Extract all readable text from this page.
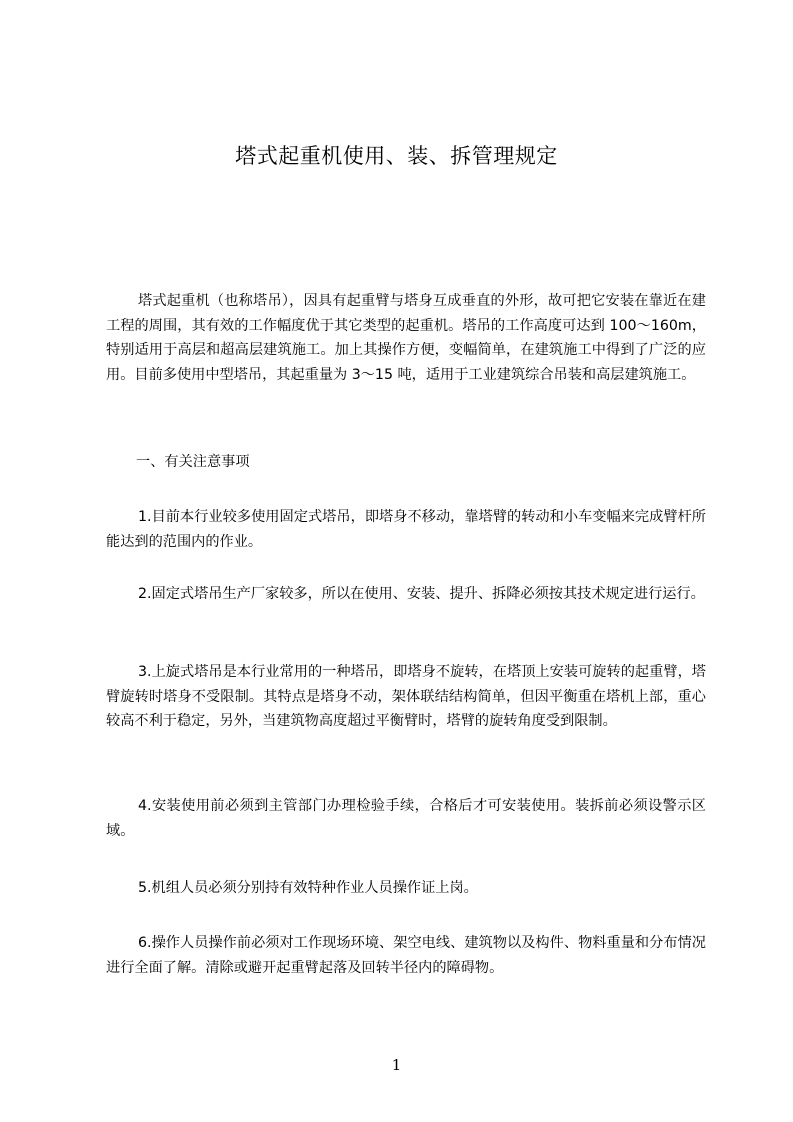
塔式起重机使用、装、拆管理规定

塔式起重机（也称塔吊），因具有起重臂与塔身互成垂直的外形，故可把它安装在靠近在建工程的周围，其有效的工作幅度优于其它类型的起重机。塔吊的工作高度可达到 100～160m，特别适用于高层和超高层建筑施工。加上其操作方便，变幅简单，在建筑施工中得到了广泛的应用。目前多使用中型塔吊，其起重量为 3～15 吨，适用于工业建筑综合吊装和高层建筑施工。

一、有关注意事项

1.目前本行业较多使用固定式塔吊，即塔身不移动，靠塔臂的转动和小车变幅来完成臂杆所能达到的范围内的作业。

2.固定式塔吊生产厂家较多，所以在使用、安装、提升、拆降必须按其技术规定进行运行。

3.上旋式塔吊是本行业常用的一种塔吊，即塔身不旋转，在塔顶上安装可旋转的起重臂，塔臂旋转时塔身不受限制。其特点是塔身不动，架体联结结构简单，但因平衡重在塔机上部，重心较高不利于稳定，另外，当建筑物高度超过平衡臂时，塔臂的旋转角度受到限制。

4.安装使用前必须到主管部门办理检验手续，合格后才可安装使用。装拆前必须设警示区域。

5.机组人员必须分别持有效特种作业人员操作证上岗。

6.操作人员操作前必须对工作现场环境、架空电线、建筑物以及构件、物料重量和分布情况进行全面了解。清除或避开起重臂起落及回转半径内的障碍物。

1
